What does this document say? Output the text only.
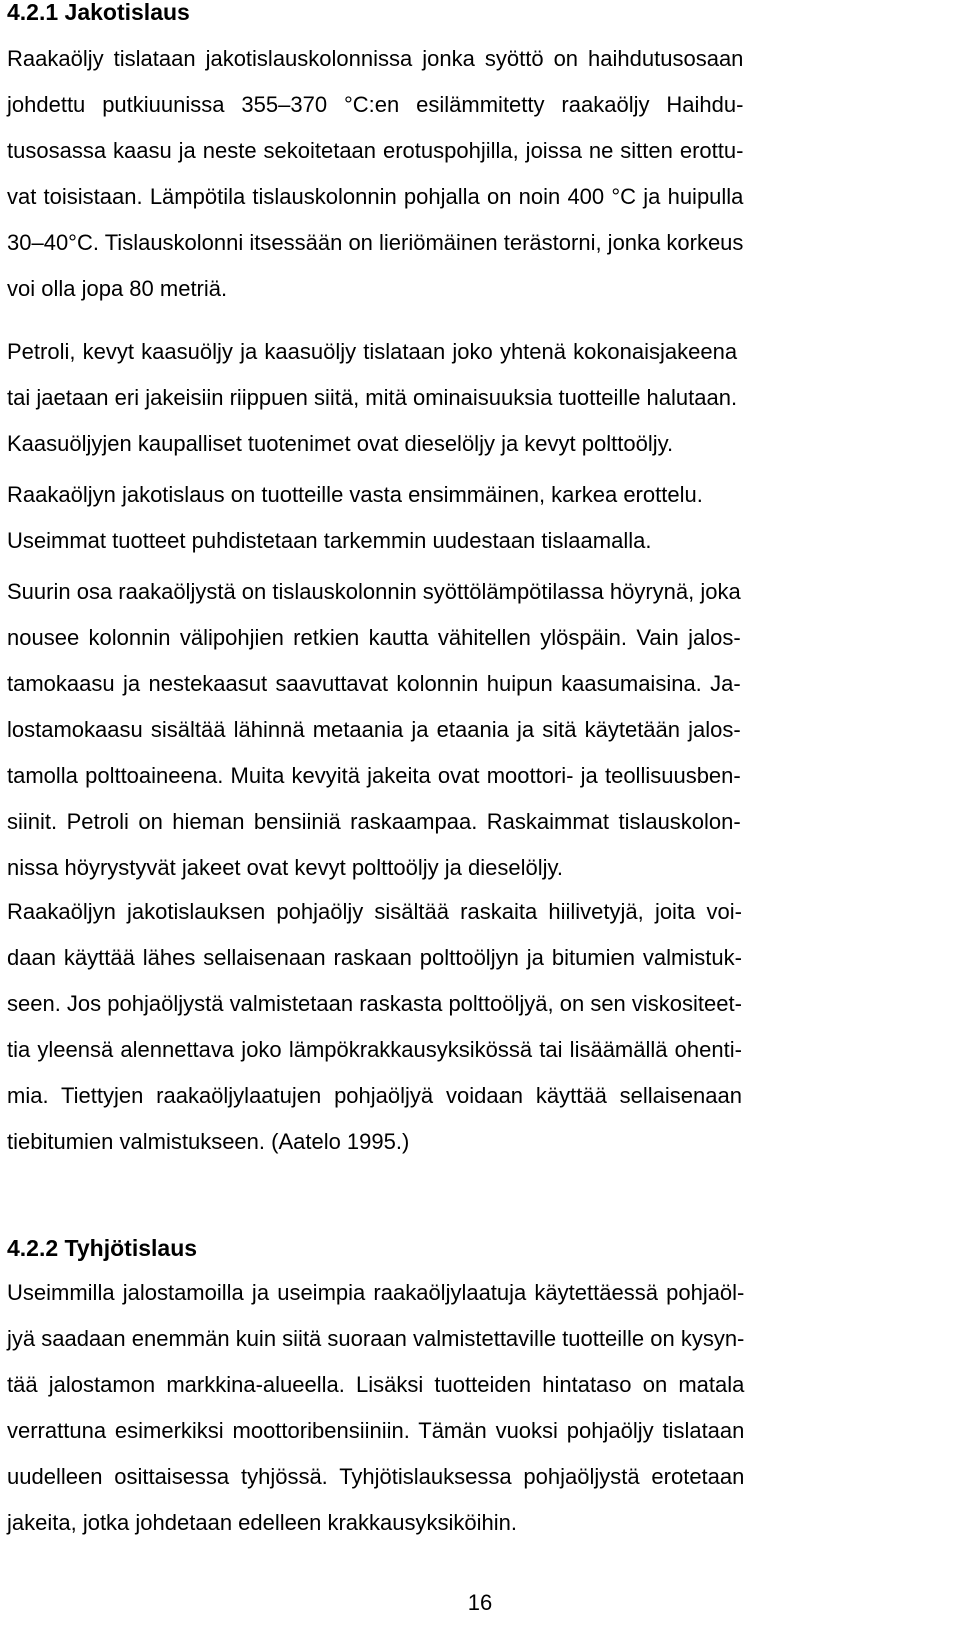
4.2.1 Jakotislaus

Raakaöljy tislataan jakotislauskolonnissa jonka syöttö on haihdutusosaan
johdettu putkiuunissa 355–370 °C:en esilämmitetty raakaöljy Haihdu-
tusosassa kaasu ja neste sekoitetaan erotuspohjilla, joissa ne sitten erottu-
vat toisistaan. Lämpötila tislauskolonnin pohjalla on noin 400 °C ja huipulla
30–40°C. Tislauskolonni itsessään on lieriömäinen terästorni, jonka korkeus
voi olla jopa 80 metriä.

Petroli, kevyt kaasuöljy ja kaasuöljy tislataan joko yhtenä kokonaisjakeena
tai jaetaan eri jakeisiin riippuen siitä, mitä ominaisuuksia tuotteille halutaan.
Kaasuöljyjen kaupalliset tuotenimet ovat dieselöljy ja kevyt polttoöljy.

Raakaöljyn jakotislaus on tuotteille vasta ensimmäinen, karkea erottelu.
Useimmat tuotteet puhdistetaan tarkemmin uudestaan tislaamalla.

Suurin osa raakaöljystä on tislauskolonnin syöttölämpötilassa höyrynä, joka
nousee kolonnin välipohjien retkien kautta vähitellen ylöspäin. Vain jalos-
tamokaasu ja nestekaasut saavuttavat kolonnin huipun kaasumaisina. Ja-
lostamokaasu sisältää lähinnä metaania ja etaania ja sitä käytetään jalos-
tamolla polttoaineena. Muita kevyitä jakeita ovat moottori- ja teollisuusben-
siinit. Petroli on hieman bensiiniä raskaampaa. Raskaimmat tislauskolon-
nissa höyrystyvät jakeet ovat kevyt polttoöljy ja dieselöljy.

Raakaöljyn jakotislauksen pohjaöljy sisältää raskaita hiilivetyjä, joita voi-
daan käyttää lähes sellaisenaan raskaan polttoöljyn ja bitumien valmistuk-
seen. Jos pohjaöljystä valmistetaan raskasta polttoöljyä, on sen viskositeet-
tia yleensä alennettava joko lämpökrakkausyksikössä tai lisäämällä ohenti-
mia. Tiettyjen raakaöljylaatujen pohjaöljyä voidaan käyttää sellaisenaan
tiebitumien valmistukseen. (Aatelo 1995.)

4.2.2 Tyhjötislaus

Useimmilla jalostamoilla ja useimpia raakaöljylaatuja käytettäessä pohjaöl-
jyä saadaan enemmän kuin siitä suoraan valmistettaville tuotteille on kysyn-
tää jalostamon markkina-alueella. Lisäksi tuotteiden hintataso on matala
verrattuna esimerkiksi moottoribensiiniin. Tämän vuoksi pohjaöljy tislataan
uudelleen osittaisessa tyhjössä. Tyhjötislauksessa pohjaöljystä erotetaan
jakeita, jotka johdetaan edelleen krakkausyksiköihin.

16
